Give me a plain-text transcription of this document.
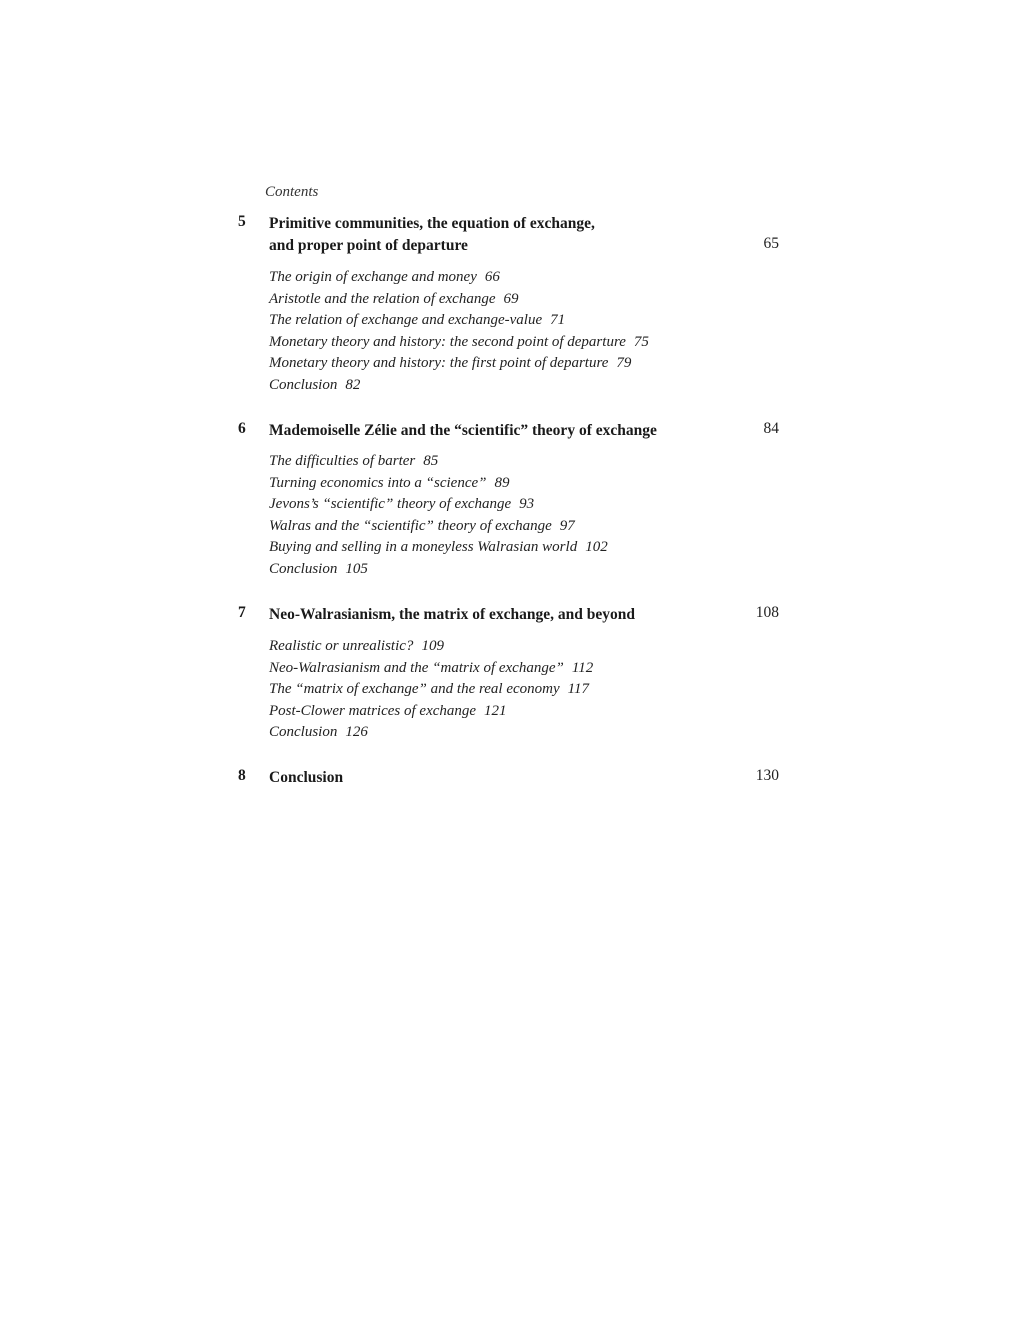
Contents
5 Primitive communities, the equation of exchange,
and proper point of departure	65
The origin of exchange and money 66
Aristotle and the relation of exchange 69
The relation of exchange and exchange-value 71
Monetary theory and history: the second point of departure 75
Monetary theory and history: the first point of departure 79
Conclusion 82
6 Mademoiselle Zélie and the “scientific” theory of exchange	84
The difficulties of barter 85
Turning economics into a “science” 89
Jevons’s “scientific” theory of exchange 93
Walras and the “scientific” theory of exchange 97
Buying and selling in a moneyless Walrasian world 102
Conclusion 105
7 Neo-Walrasianism, the matrix of exchange, and beyond	108
Realistic or unrealistic? 109
Neo-Walrasianism and the “matrix of exchange” 112
The “matrix of exchange” and the real economy 117
Post-Clower matrices of exchange 121
Conclusion 126
8 Conclusion	130
